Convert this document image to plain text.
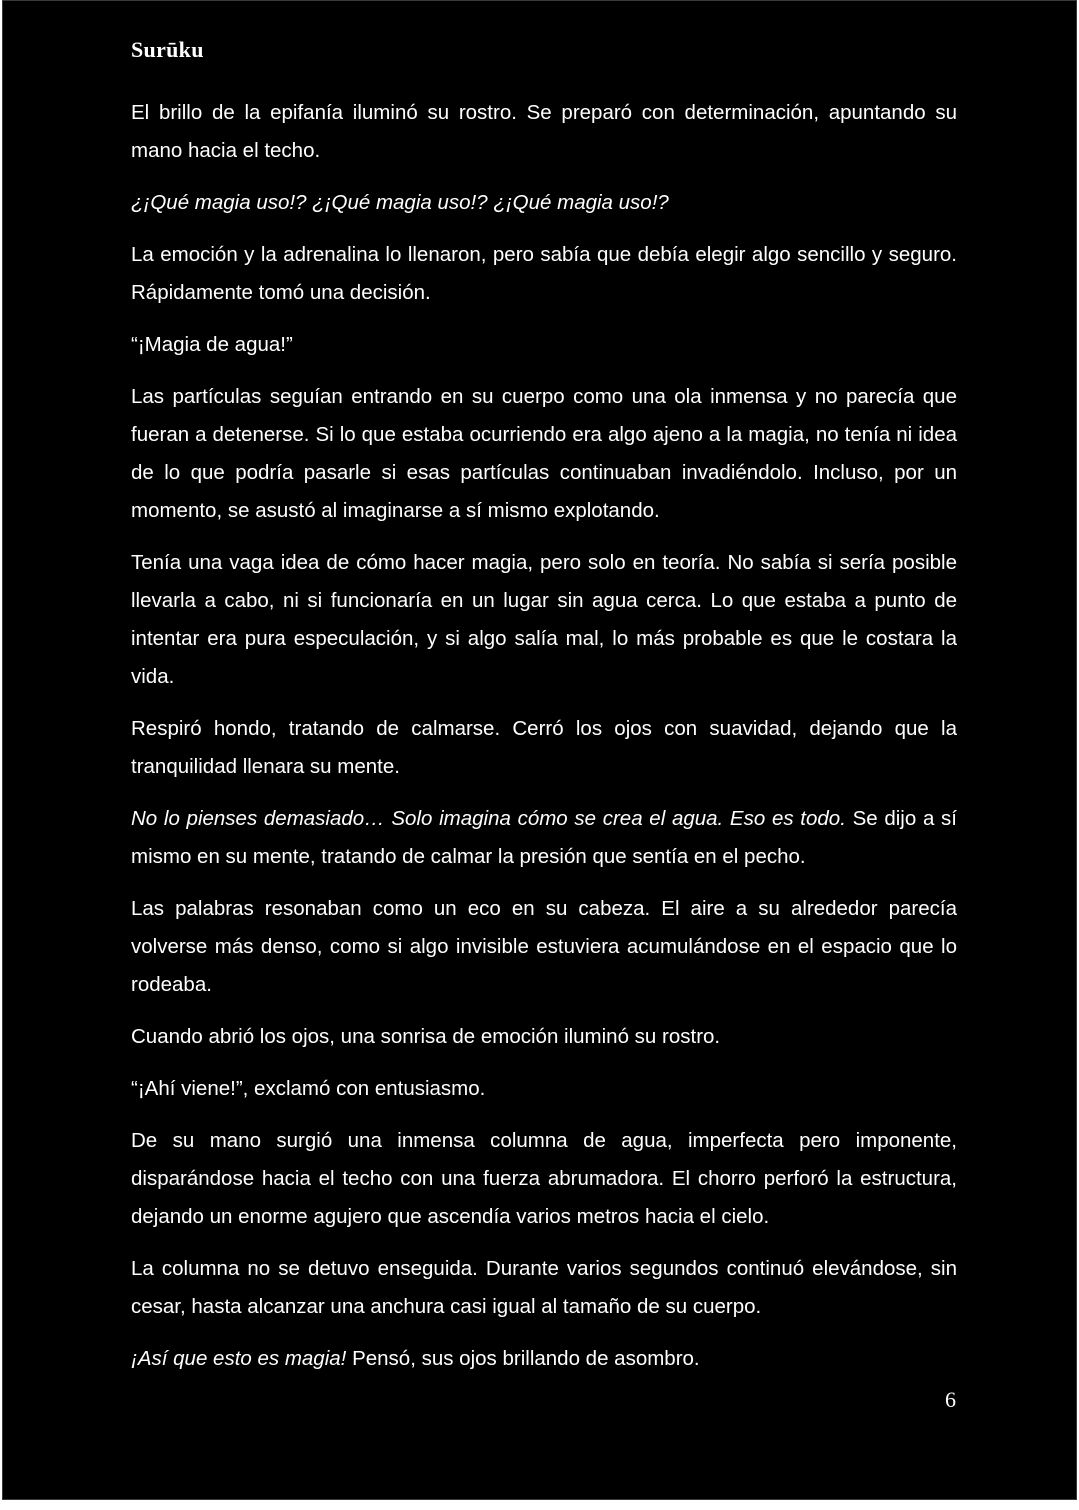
Surūku

El brillo de la epifanía iluminó su rostro. Se preparó con determinación, apuntando su mano hacia el techo.

¿¡Qué magia uso!? ¿¡Qué magia uso!? ¿¡Qué magia uso!?

La emoción y la adrenalina lo llenaron, pero sabía que debía elegir algo sencillo y seguro. Rápidamente tomó una decisión.

“¡Magia de agua!”

Las partículas seguían entrando en su cuerpo como una ola inmensa y no parecía que fueran a detenerse. Si lo que estaba ocurriendo era algo ajeno a la magia, no tenía ni idea de lo que podría pasarle si esas partículas continuaban invadiéndolo. Incluso, por un momento, se asustó al imaginarse a sí mismo explotando.

Tenía una vaga idea de cómo hacer magia, pero solo en teoría. No sabía si sería posible llevarla a cabo, ni si funcionaría en un lugar sin agua cerca. Lo que estaba a punto de intentar era pura especulación, y si algo salía mal, lo más probable es que le costara la vida.

Respiró hondo, tratando de calmarse. Cerró los ojos con suavidad, dejando que la tranquilidad llenara su mente.

No lo pienses demasiado… Solo imagina cómo se crea el agua. Eso es todo. Se dijo a sí mismo en su mente, tratando de calmar la presión que sentía en el pecho.

Las palabras resonaban como un eco en su cabeza. El aire a su alrededor parecía volverse más denso, como si algo invisible estuviera acumulándose en el espacio que lo rodeaba.

Cuando abrió los ojos, una sonrisa de emoción iluminó su rostro.

“¡Ahí viene!”, exclamó con entusiasmo.

De su mano surgió una inmensa columna de agua, imperfecta pero imponente, disparándose hacia el techo con una fuerza abrumadora. El chorro perforó la estructura, dejando un enorme agujero que ascendía varios metros hacia el cielo.

La columna no se detuvo enseguida. Durante varios segundos continuó elevándose, sin cesar, hasta alcanzar una anchura casi igual al tamaño de su cuerpo.

¡Así que esto es magia! Pensó, sus ojos brillando de asombro.

6
